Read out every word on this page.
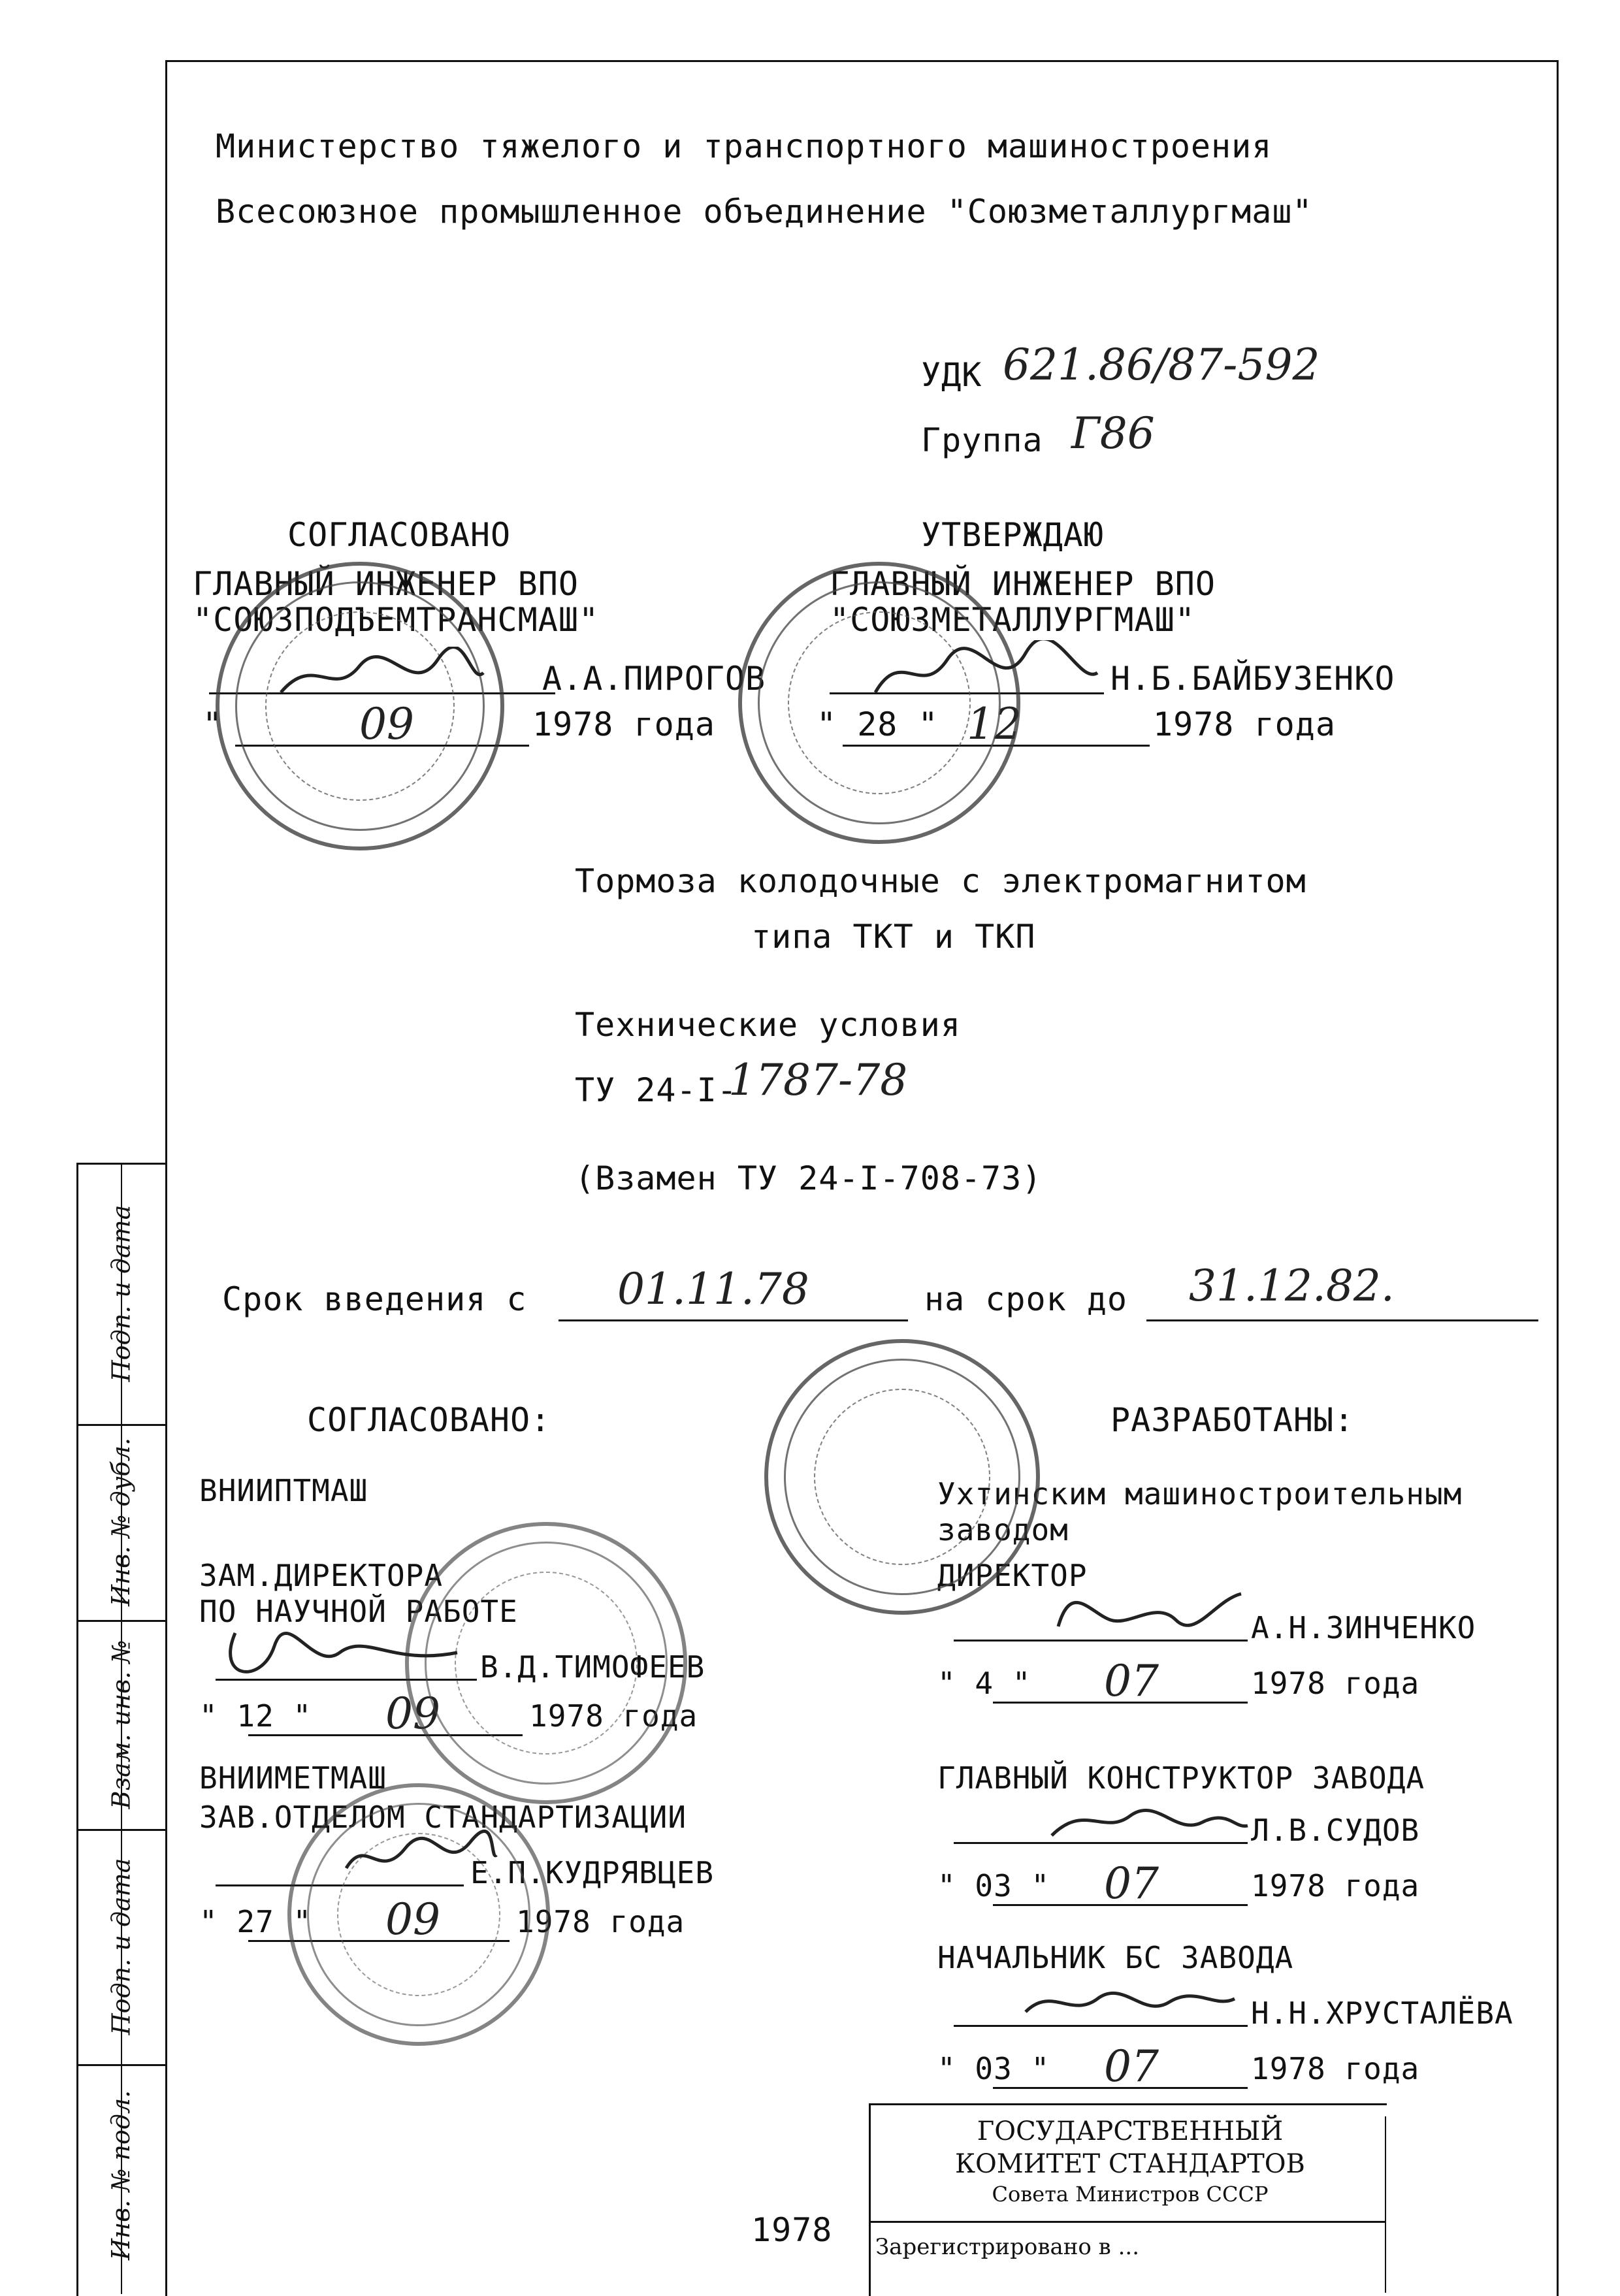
Подп. и дата
Инв. № дубл.
Взам. инв. №
Подп. и дата
Инв. № подл.
Министерство тяжелого и транспортного машиностроения
Всесоюзное промышленное объединение "Союзметаллургмаш"
УДК 621.86/87-592
Группа Г86
СОГЛАСОВАНО
ГЛАВНЫЙ ИНЖЕНЕР ВПО
"СОЮЗПОДЪЕМТРАНСМАШ"
А.А.ПИРОГОВ
"	09	1978 года
УТВЕРЖДАЮ
ГЛАВНЫЙ ИНЖЕНЕР ВПО
"СОЮЗМЕТАЛЛУРГМАШ"
Н.Б.БАЙБУЗЕНКО
" 28 " 12	1978 года
Тормоза колодочные с электромагнитом
типа ТКТ и ТКП
Технические условия
ТУ 24-I-
1787-78
(Взамен ТУ 24-I-708-73)
Срок введения с 01.11.78	на срок до 31.12.82.
СОГЛАСОВАНО:
ВНИИПТМАШ
ЗАМ.ДИРЕКТОРА
ПО НАУЧНОЙ РАБОТЕ
В.Д.ТИМОФЕЕВ
" 12 " 09	1978 года
ВНИИМЕТМАШ
ЗАВ.ОТДЕЛОМ СТАНДАРТИЗАЦИИ
Е.П.КУДРЯВЦЕВ
" 27 " 09	1978 года
РАЗРАБОТАНЫ:
Ухтинским машиностроительным
заводом
ДИРЕКТОР
А.Н.ЗИНЧЕНКО
" 4 " 07	1978 года
ГЛАВНЫЙ КОНСТРУКТОР ЗАВОДА
Л.В.СУДОВ
" 03 " 07	1978 года
НАЧАЛЬНИК БС ЗАВОДА
Н.Н.ХРУСТАЛЁВА
" 03 " 07	1978 года
1978
ГОСУДАРСТВЕННЫЙ
КОМИТЕТ СТАНДАРТОВ
Совета Министров СССР
Зарегистрировано в ...
